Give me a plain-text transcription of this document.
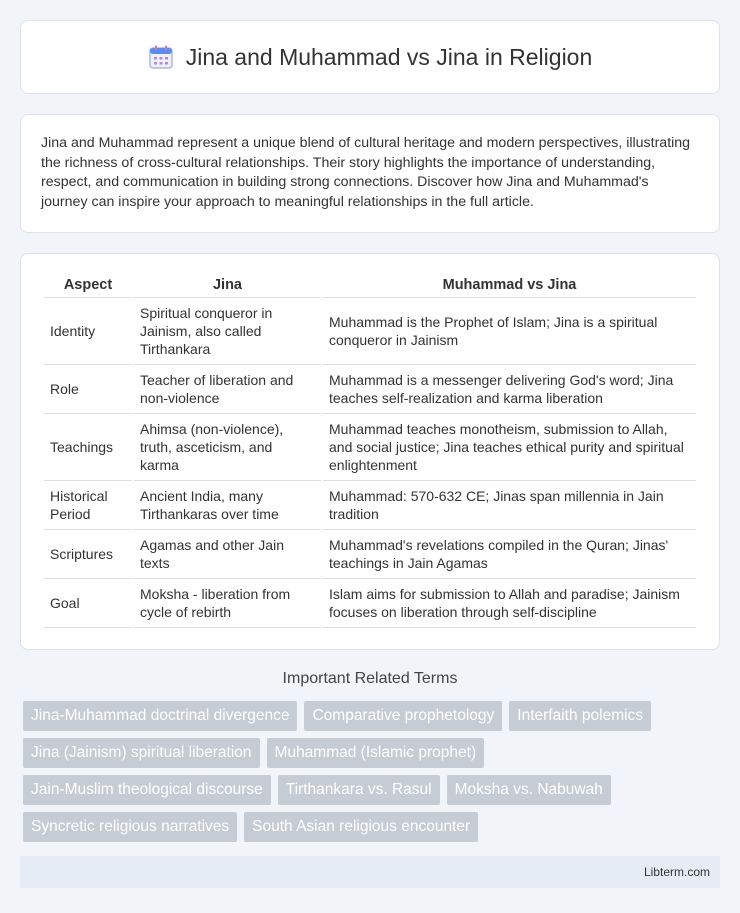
Jina and Muhammad vs Jina in Religion

Jina and Muhammad represent a unique blend of cultural heritage and modern perspectives, illustrating the richness of cross-cultural relationships. Their story highlights the importance of understanding, respect, and communication in building strong connections. Discover how Jina and Muhammad's journey can inspire your approach to meaningful relationships in the full article.

Aspect	Jina	Muhammad vs Jina
Identity	Spiritual conqueror in Jainism, also called Tirthankara	Muhammad is the Prophet of Islam; Jina is a spiritual conqueror in Jainism
Role	Teacher of liberation and non-violence	Muhammad is a messenger delivering God's word; Jina teaches self-realization and karma liberation
Teachings	Ahimsa (non-violence), truth, asceticism, and karma	Muhammad teaches monotheism, submission to Allah, and social justice; Jina teaches ethical purity and spiritual enlightenment
Historical Period	Ancient India, many Tirthankaras over time	Muhammad: 570-632 CE; Jinas span millennia in Jain tradition
Scriptures	Agamas and other Jain texts	Muhammad's revelations compiled in the Quran; Jinas' teachings in Jain Agamas
Goal	Moksha - liberation from cycle of rebirth	Islam aims for submission to Allah and paradise; Jainism focuses on liberation through self-discipline
Important Related Terms
Jina-Muhammad doctrinal divergence	Comparative prophetology	Interfaith polemics
Jina (Jainism) spiritual liberation	Muhammad (Islamic prophet)
Jain-Muslim theological discourse	Tirthankara vs. Rasul	Moksha vs. Nabuwah
Syncretic religious narratives	South Asian religious encounter
Libterm.com
